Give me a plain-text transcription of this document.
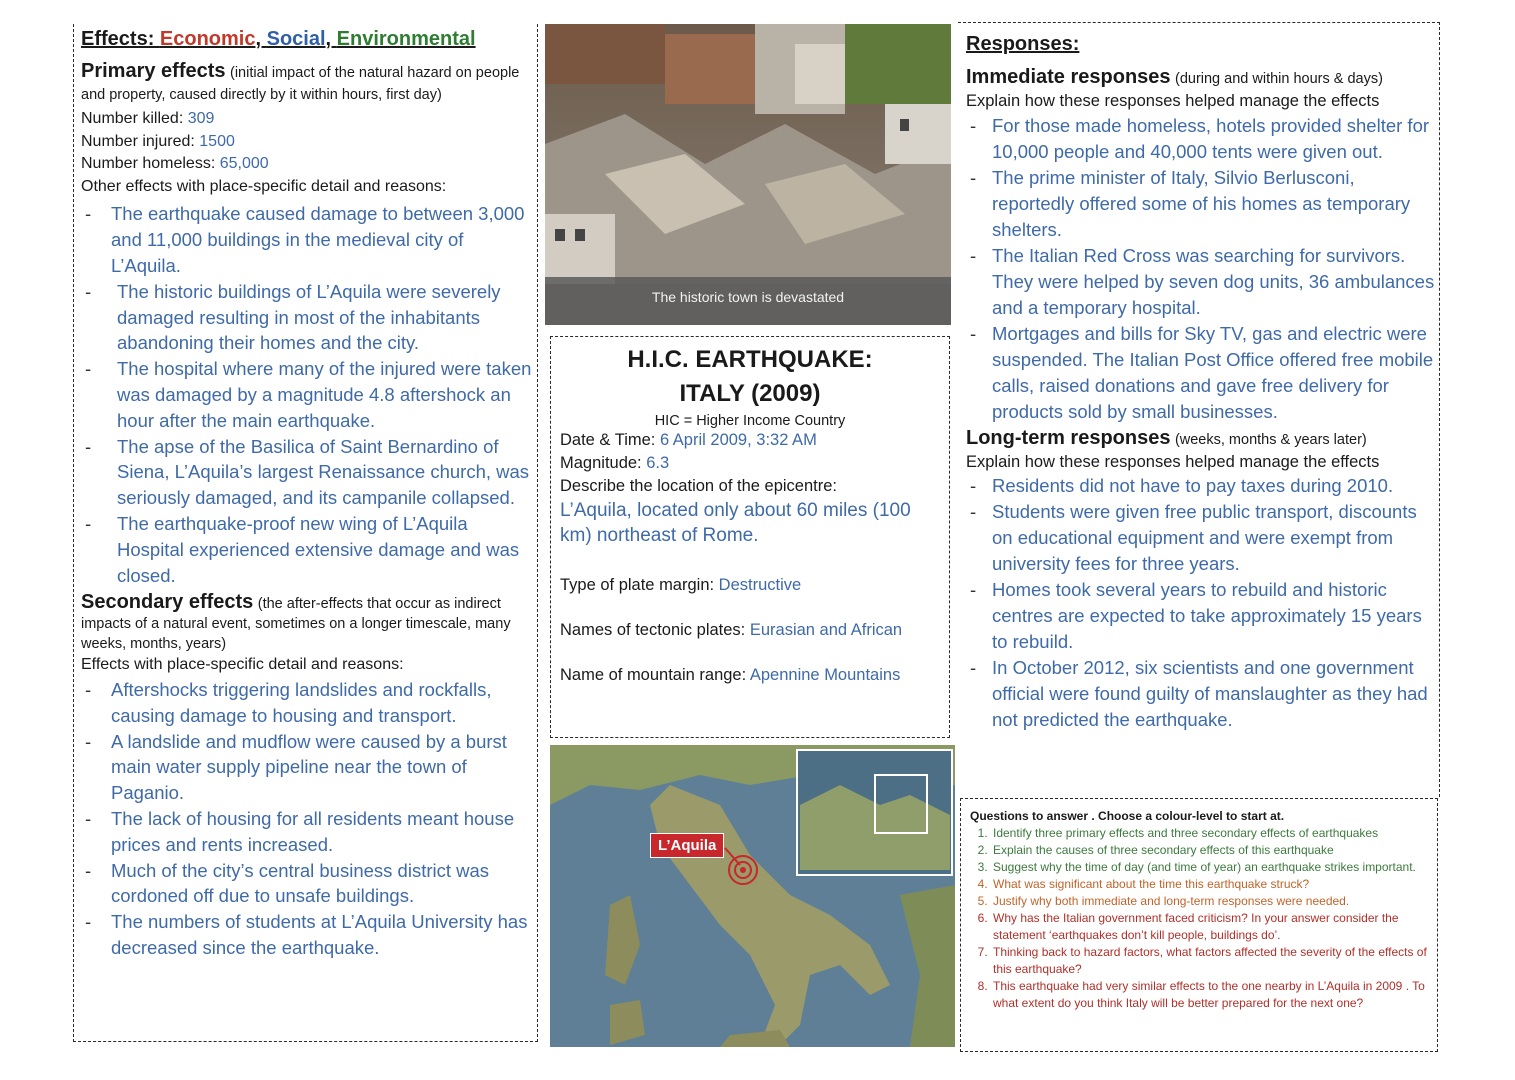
Effects: Economic, Social, Environmental
Primary effects (initial impact of the natural hazard on people and property, caused directly by it within hours, first day)
Number killed: 309
Number injured: 1500
Number homeless: 65,000
Other effects with place-specific detail and reasons:
- The earthquake caused damage to between 3,000 and 11,000 buildings in the medieval city of L’Aquila.
- The historic buildings of L’Aquila were severely damaged resulting in most of the inhabitants abandoning their homes and the city.
- The hospital where many of the injured were taken was damaged by a magnitude 4.8 aftershock an hour after the main earthquake.
- The apse of the Basilica of Saint Bernardino of Siena, L’Aquila’s largest Renaissance church, was seriously damaged, and its campanile collapsed.
- The earthquake-proof new wing of L’Aquila Hospital experienced extensive damage and was closed.
Secondary effects (the after-effects that occur as indirect impacts of a natural event, sometimes on a longer timescale, many weeks, months, years)
Effects with place-specific detail and reasons:
- Aftershocks triggering landslides and rockfalls, causing damage to housing and transport.
- A landslide and mudflow were caused by a burst main water supply pipeline near the town of Paganio.
- The lack of housing for all residents meant house prices and rents increased.
- Much of the city’s central business district was cordoned off due to unsafe buildings.
- The numbers of students at L’Aquila University has decreased since the earthquake.
The historic town is devastated
H.I.C. EARTHQUAKE:
ITALY (2009)
HIC = Higher Income Country
Date & Time: 6 April 2009, 3:32 AM
Magnitude: 6.3
Describe the location of the epicentre:
L’Aquila, located only about 60 miles (100 km) northeast of Rome.
Type of plate margin: Destructive
Names of tectonic plates: Eurasian and African
Name of mountain range: Apennine Mountains
L’Aquila
Responses:
Immediate responses (during and within hours & days)
Explain how these responses helped manage the effects
- For those made homeless, hotels provided shelter for 10,000 people and 40,000 tents were given out.
- The prime minister of Italy, Silvio Berlusconi, reportedly offered some of his homes as temporary shelters.
- The Italian Red Cross was searching for survivors. They were helped by seven dog units, 36 ambulances and a temporary hospital.
- Mortgages and bills for Sky TV, gas and electric were suspended. The Italian Post Office offered free mobile calls, raised donations and gave free delivery for products sold by small businesses.
Long-term responses (weeks, months & years later)
Explain how these responses helped manage the effects
- Residents did not have to pay taxes during 2010.
- Students were given free public transport, discounts on educational equipment and were exempt from university fees for three years.
- Homes took several years to rebuild and historic centres are expected to take approximately 15 years to rebuild.
- In October 2012, six scientists and one government official were found guilty of manslaughter as they had not predicted the earthquake.
Questions to answer . Choose a colour-level to start at.
1. Identify three primary effects and three secondary effects of earthquakes
2. Explain the causes of three secondary effects of this earthquake
3. Suggest why the time of day (and time of year) an earthquake strikes important.
4. What was significant about the time this earthquake struck?
5. Justify why both immediate and long-term responses were needed.
6. Why has the Italian government faced criticism? In your answer consider the statement ‘earthquakes don’t kill people, buildings do’.
7. Thinking back to hazard factors, what factors affected the severity of the effects of this earthquake?
8. This earthquake had very similar effects to the one nearby in L’Aquila in 2009 . To what extent do you think Italy will be better prepared for the next one?
